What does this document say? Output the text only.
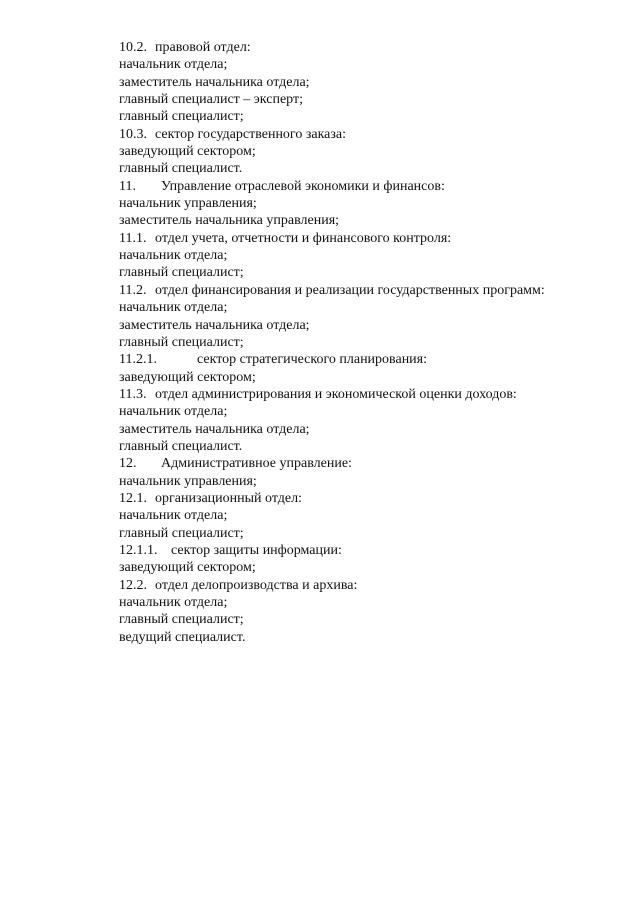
10.2. правовой отдел:
начальник отдела;
заместитель начальника отдела;
главный специалист – эксперт;
главный специалист;
10.3. сектор государственного заказа:
заведующий сектором;
главный специалист.
11. Управление отраслевой экономики и финансов:
начальник управления;
заместитель начальника управления;
11.1. отдел учета, отчетности и финансового контроля:
начальник отдела;
главный специалист;
11.2. отдел финансирования и реализации государственных программ:
начальник отдела;
заместитель начальника отдела;
главный специалист;
11.2.1.	сектор стратегического планирования:
заведующий сектором;
11.3. отдел администрирования и экономической оценки доходов:
начальник отдела;
заместитель начальника отдела;
главный специалист.
12. Административное управление:
начальник управления;
12.1. организационный отдел:
начальник отдела;
главный специалист;
12.1.1. сектор защиты информации:
заведующий сектором;
12.2. отдел делопроизводства и архива:
начальник отдела;
главный специалист;
ведущий специалист.
